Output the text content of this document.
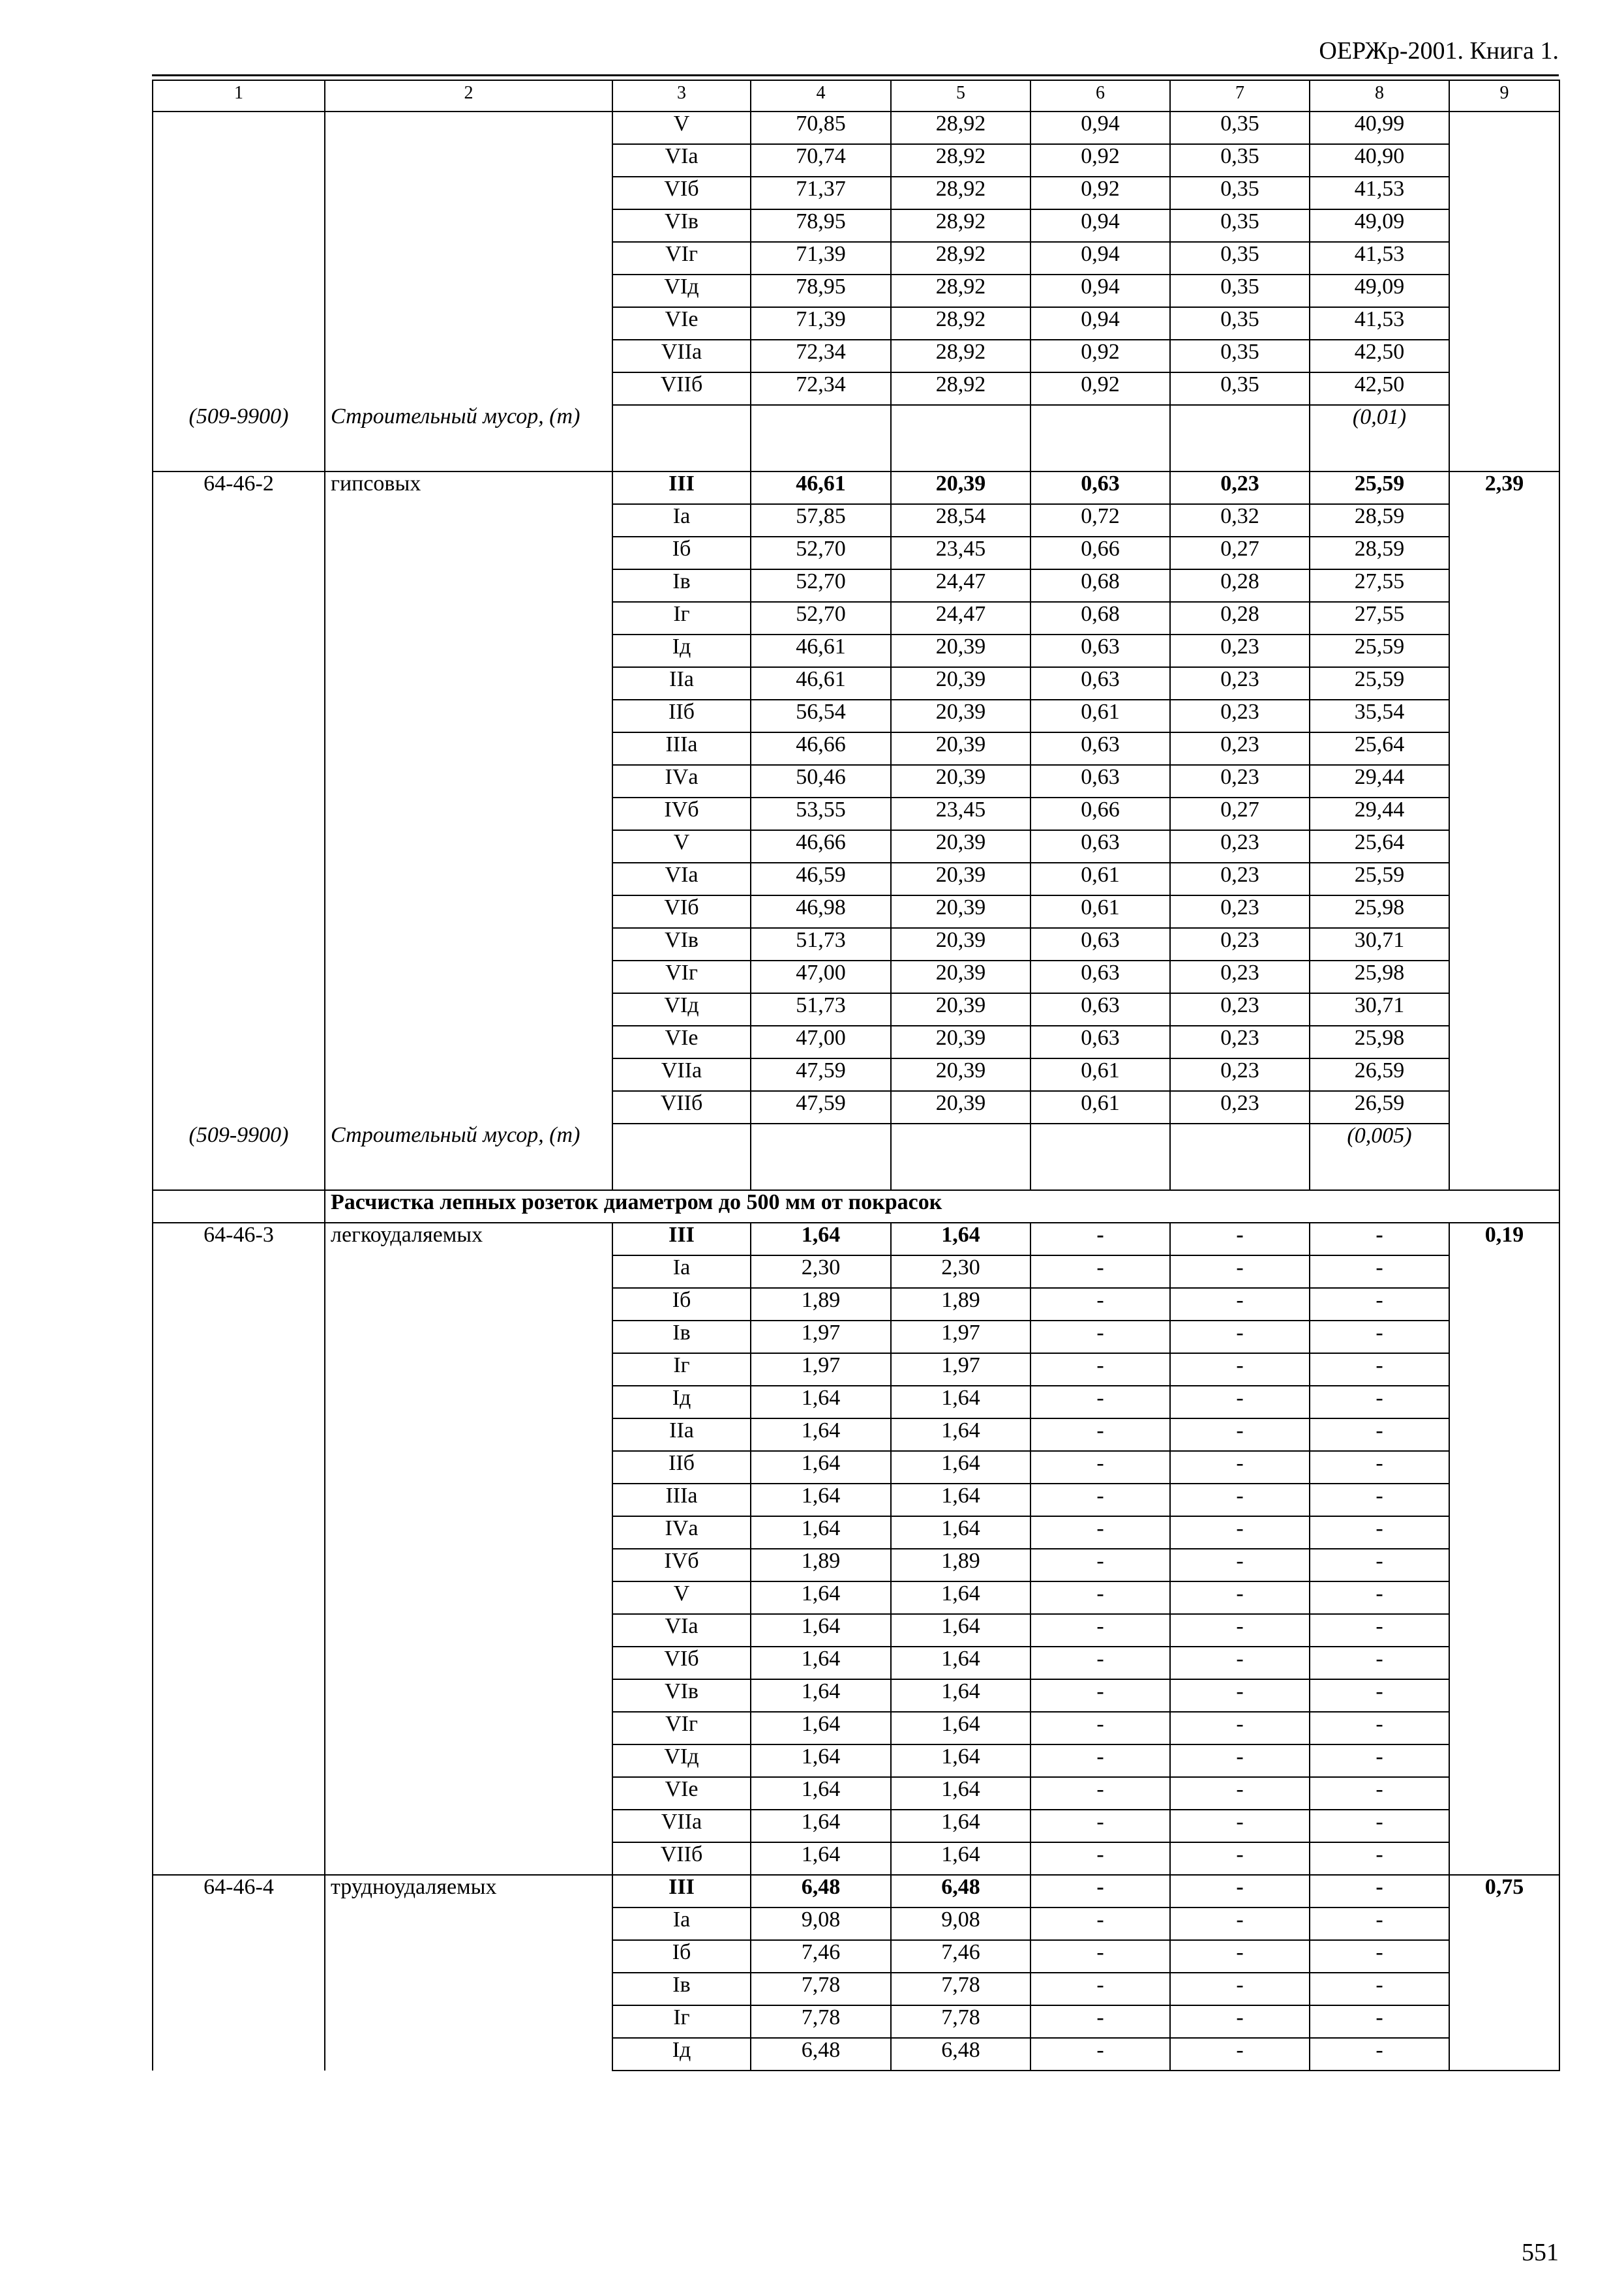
ОЕРЖр-2001. Книга 1.
1	2	3	4	5	6	7	8	9
		V	70,85	28,92	0,94	0,35	40,99	
		VIа	70,74	28,92	0,92	0,35	40,90	
		VIб	71,37	28,92	0,92	0,35	41,53	
		VIв	78,95	28,92	0,94	0,35	49,09	
		VIг	71,39	28,92	0,94	0,35	41,53	
		VIд	78,95	28,92	0,94	0,35	49,09	
		VIе	71,39	28,92	0,94	0,35	41,53	
		VIIа	72,34	28,92	0,92	0,35	42,50	
		VIIб	72,34	28,92	0,92	0,35	42,50	
(509-9900)	Строительный мусор, (т)						(0,01)	
64-46-2	гипсовых	III	46,61	20,39	0,63	0,23	25,59	2,39
		Iа	57,85	28,54	0,72	0,32	28,59	
		Iб	52,70	23,45	0,66	0,27	28,59	
		Iв	52,70	24,47	0,68	0,28	27,55	
		Iг	52,70	24,47	0,68	0,28	27,55	
		Iд	46,61	20,39	0,63	0,23	25,59	
		IIа	46,61	20,39	0,63	0,23	25,59	
		IIб	56,54	20,39	0,61	0,23	35,54	
		IIIа	46,66	20,39	0,63	0,23	25,64	
		IVа	50,46	20,39	0,63	0,23	29,44	
		IVб	53,55	23,45	0,66	0,27	29,44	
		V	46,66	20,39	0,63	0,23	25,64	
		VIа	46,59	20,39	0,61	0,23	25,59	
		VIб	46,98	20,39	0,61	0,23	25,98	
		VIв	51,73	20,39	0,63	0,23	30,71	
		VIг	47,00	20,39	0,63	0,23	25,98	
		VIд	51,73	20,39	0,63	0,23	30,71	
		VIе	47,00	20,39	0,63	0,23	25,98	
		VIIа	47,59	20,39	0,61	0,23	26,59	
		VIIб	47,59	20,39	0,61	0,23	26,59	
(509-9900)	Строительный мусор, (т)						(0,005)	
	Расчистка лепных розеток диаметром до 500 мм от покрасок							
64-46-3	легкоудаляемых	III	1,64	1,64	-	-	-	0,19
		Iа	2,30	2,30	-	-	-	
		Iб	1,89	1,89	-	-	-	
		Iв	1,97	1,97	-	-	-	
		Iг	1,97	1,97	-	-	-	
		Iд	1,64	1,64	-	-	-	
		IIа	1,64	1,64	-	-	-	
		IIб	1,64	1,64	-	-	-	
		IIIа	1,64	1,64	-	-	-	
		IVа	1,64	1,64	-	-	-	
		IVб	1,89	1,89	-	-	-	
		V	1,64	1,64	-	-	-	
		VIа	1,64	1,64	-	-	-	
		VIб	1,64	1,64	-	-	-	
		VIв	1,64	1,64	-	-	-	
		VIг	1,64	1,64	-	-	-	
		VIд	1,64	1,64	-	-	-	
		VIе	1,64	1,64	-	-	-	
		VIIа	1,64	1,64	-	-	-	
		VIIб	1,64	1,64	-	-	-	
64-46-4	трудноудаляемых	III	6,48	6,48	-	-	-	0,75
		Iа	9,08	9,08	-	-	-	
		Iб	7,46	7,46	-	-	-	
		Iв	7,78	7,78	-	-	-	
		Iг	7,78	7,78	-	-	-	
		Iд	6,48	6,48	-	-	-	
551
